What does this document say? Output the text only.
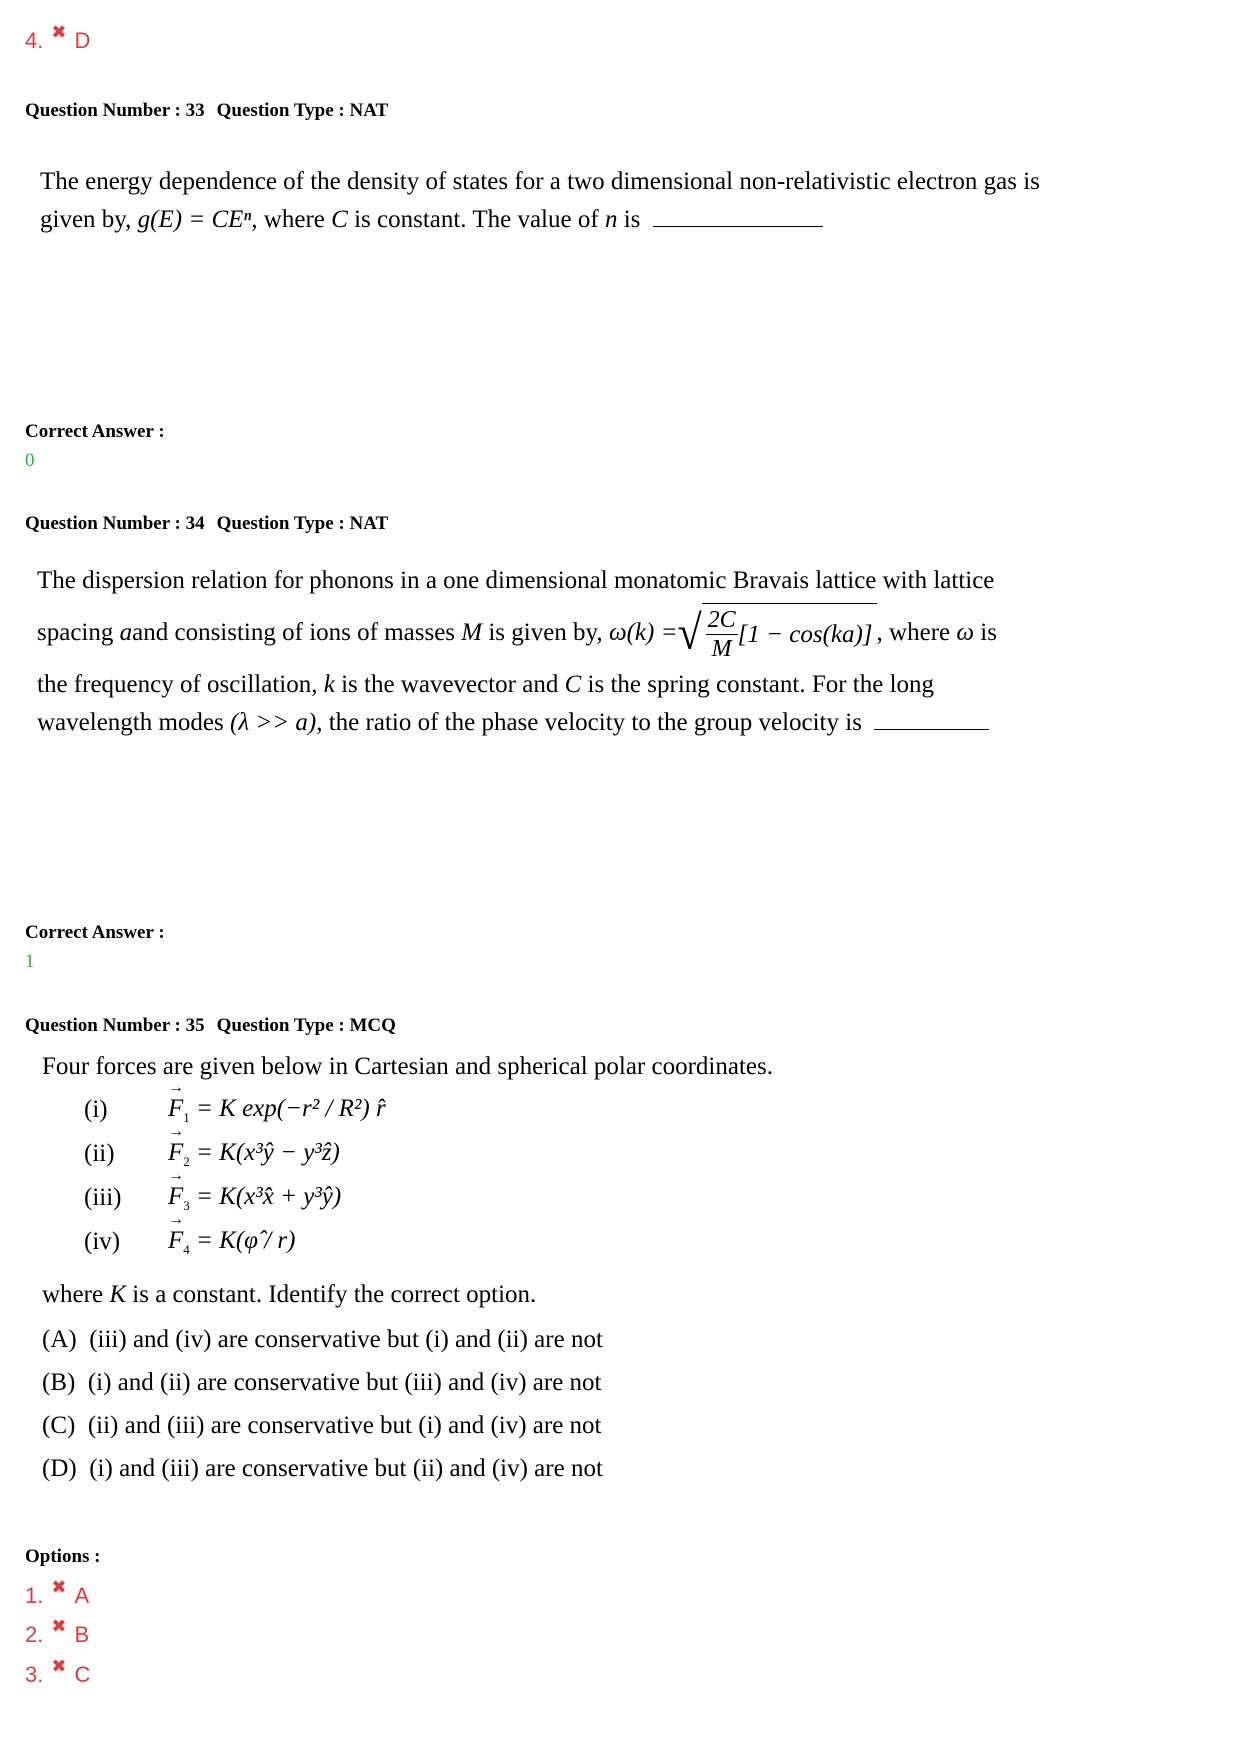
4. ✖ D
Question Number : 33 Question Type : NAT
The energy dependence of the density of states for a two dimensional non-relativistic electron gas is
given by, g(E) = CEⁿ, where C is constant. The value of n is
Correct Answer :
0
Question Number : 34 Question Type : NAT
The dispersion relation for phonons in a one dimensional monatomic Bravais lattice with lattice
spacing
a and consisting of ions of masses
M
is given by,
ω(k) = √ $\frac{2C}{M} [1 - \cos(ka)]$ , where
ω
is
the frequency of oscillation, k is the wavevector and C is the spring constant. For the long
wavelength modes (λ >> a), the ratio of the phase velocity to the group velocity is
Correct Answer :
1
Question Number : 35 Question Type : MCQ
Four forces are given below in Cartesian and spherical polar coordinates.
(i)	→ $F_1 = K$ exp(−r² / R²) r̂
(ii)	→ $F_2$ = K(x³ŷ − y³ẑ)
(iii)	→ $F_3$ = K(x³x̂ + y³ŷ)
(iv)	→ $F_4$ = K(φ̂ / r)
where K is a constant. Identify the correct option.
(A) (iii) and (iv) are conservative but (i) and (ii) are not
(B) (i) and (ii) are conservative but (iii) and (iv) are not
(C) (ii) and (iii) are conservative but (i) and (iv) are not
(D) (i) and (iii) are conservative but (ii) and (iv) are not
Options :
1. ✖ A
2. ✖ B
3. ✖ C
